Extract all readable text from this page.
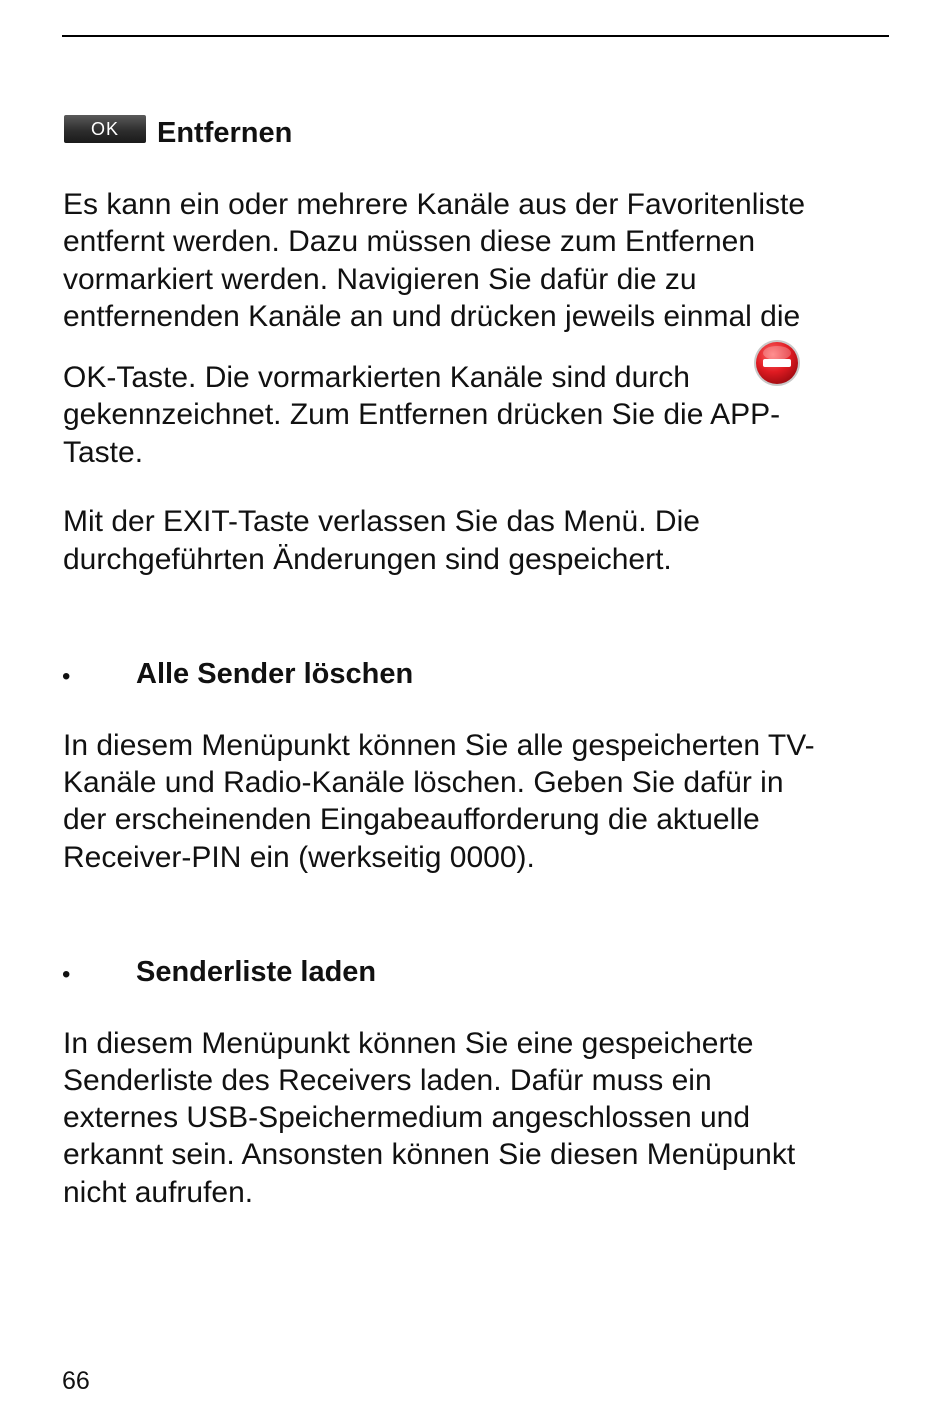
OK	Entfernen
Es kann ein oder mehrere Kanäle aus der Favoritenliste
entfernt werden. Dazu müssen diese zum Entfernen
vormarkiert werden. Navigieren Sie dafür die zu
entfernenden Kanäle an und drücken jeweils einmal die
OK-Taste. Die vormarkierten Kanäle sind durch
gekennzeichnet. Zum Entfernen drücken Sie die APP-
Taste.
Mit der EXIT-Taste verlassen Sie das Menü. Die
durchgeführten Änderungen sind gespeichert.
• Alle Sender löschen
In diesem Menüpunkt können Sie alle gespeicherten TV-
Kanäle und Radio-Kanäle löschen. Geben Sie dafür in
der erscheinenden Eingabeaufforderung die aktuelle
Receiver-PIN ein (werkseitig 0000).
• Senderliste laden
In diesem Menüpunkt können Sie eine gespeicherte
Senderliste des Receivers laden. Dafür muss ein
externes USB-Speichermedium angeschlossen und
erkannt sein. Ansonsten können Sie diesen Menüpunkt
nicht aufrufen.
66
